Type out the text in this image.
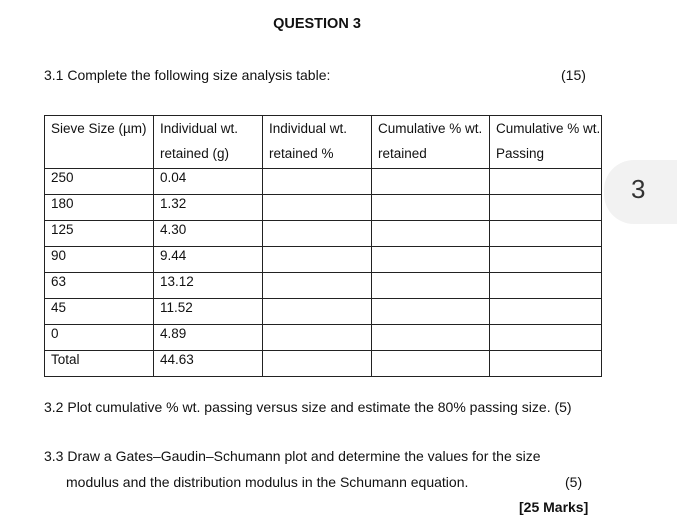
QUESTION 3
3.1 Complete the following size analysis table:	(15)
Sieve Size (µm)	Individual wt. retained (g)	Individual wt. retained %	Cumulative % wt. retained	Cumulative % wt. Passing
250	0.04			
180	1.32			
125	4.30			
90	9.44			
63	13.12			
45	11.52			
0	4.89			
Total	44.63			
3
3.2 Plot cumulative % wt. passing versus size and estimate the 80% passing size. (5)
3.3 Draw a Gates–Gaudin–Schumann plot and determine the values for the size
modulus and the distribution modulus in the Schumann equation.	(5)
[25 Marks]
